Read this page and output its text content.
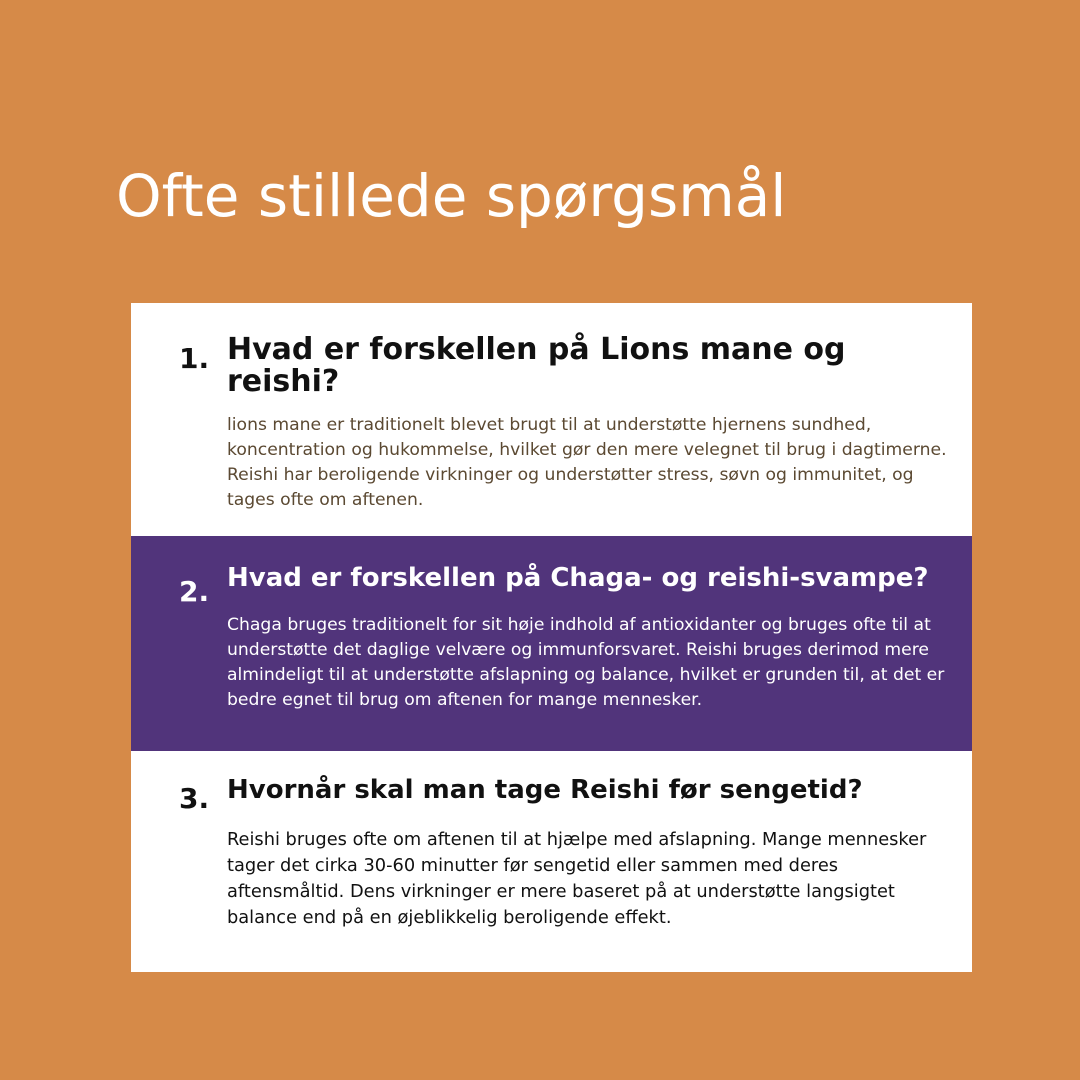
Ofte stillede spørgsmål
1. Hvad er forskellen på Lions mane og reishi?

lions mane er traditionelt blevet brugt til at understøtte hjernens sundhed, koncentration og hukommelse, hvilket gør den mere velegnet til brug i dagtimerne. Reishi har beroligende virkninger og understøtter stress, søvn og immunitet, og tages ofte om aftenen.

2. Hvad er forskellen på Chaga- og reishi-svampe?

Chaga bruges traditionelt for sit høje indhold af antioxidanter og bruges ofte til at understøtte det daglige velvære og immunforsvaret. Reishi bruges derimod mere almindeligt til at understøtte afslapning og balance, hvilket er grunden til, at det er bedre egnet til brug om aftenen for mange mennesker.

3. Hvornår skal man tage Reishi før sengetid?

Reishi bruges ofte om aftenen til at hjælpe med afslapning. Mange mennesker tager det cirka 30-60 minutter før sengetid eller sammen med deres aftensmåltid. Dens virkninger er mere baseret på at understøtte langsigtet balance end på en øjeblikkelig beroligende effekt.
